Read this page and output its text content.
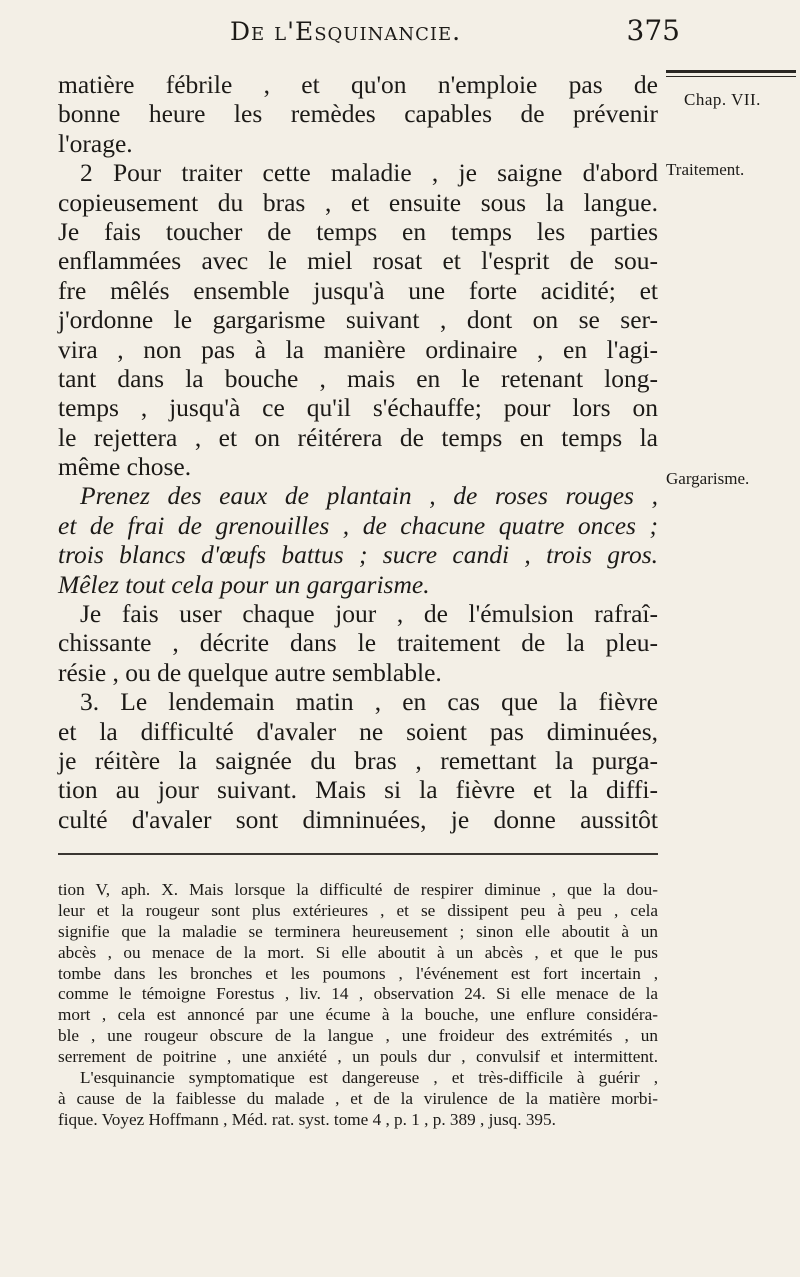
De l'Esquinancie.	375
Chap. VII.
Traitement.
Gargarisme.
matière fébrile , et qu'on n'emploie pas de
bonne heure les remèdes capables de prévenir
l'orage.
2 Pour traiter cette maladie , je saigne d'abord
copieusement du bras , et ensuite sous la langue.
Je fais toucher de temps en temps les parties
enflammées avec le miel rosat et l'esprit de sou-
fre mêlés ensemble jusqu'à une forte acidité; et
j'ordonne le gargarisme suivant , dont on se ser-
vira , non pas à la manière ordinaire , en l'agi-
tant dans la bouche , mais en le retenant long-
temps , jusqu'à ce qu'il s'échauffe; pour lors on
le rejettera , et on réitérera de temps en temps la
même chose.
Prenez des eaux de plantain , de roses rouges ,
et de frai de grenouilles , de chacune quatre onces ;
trois blancs d'œufs battus ; sucre candi , trois gros.
Mêlez tout cela pour un gargarisme.
Je fais user chaque jour , de l'émulsion rafraî-
chissante , décrite dans le traitement de la pleu-
résie , ou de quelque autre semblable.
3. Le lendemain matin , en cas que la fièvre
et la difficulté d'avaler ne soient pas diminuées,
je réitère la saignée du bras , remettant la purga-
tion au jour suivant. Mais si la fièvre et la diffi-
culté d'avaler sont dimninuées, je donne aussitôt
tion V, aph. X. Mais lorsque la difficulté de respirer diminue , que la dou-
leur et la rougeur sont plus extérieures , et se dissipent peu à peu , cela
signifie que la maladie se terminera heureusement ; sinon elle aboutit à un
abcès , ou menace de la mort. Si elle aboutit à un abcès , et que le pus
tombe dans les bronches et les poumons , l'événement est fort incertain ,
comme le témoigne Forestus , liv. 14 , observation 24. Si elle menace de la
mort , cela est annoncé par une écume à la bouche, une enflure considéra-
ble , une rougeur obscure de la langue , une froideur des extrémités , un
serrement de poitrine , une anxiété , un pouls dur , convulsif et intermittent.
L'esquinancie symptomatique est dangereuse , et très-difficile à guérir ,
à cause de la faiblesse du malade , et de la virulence de la matière morbi-
fique. Voyez Hoffmann , Méd. rat. syst. tome 4 , p. 1 , p. 389 , jusq. 395.
